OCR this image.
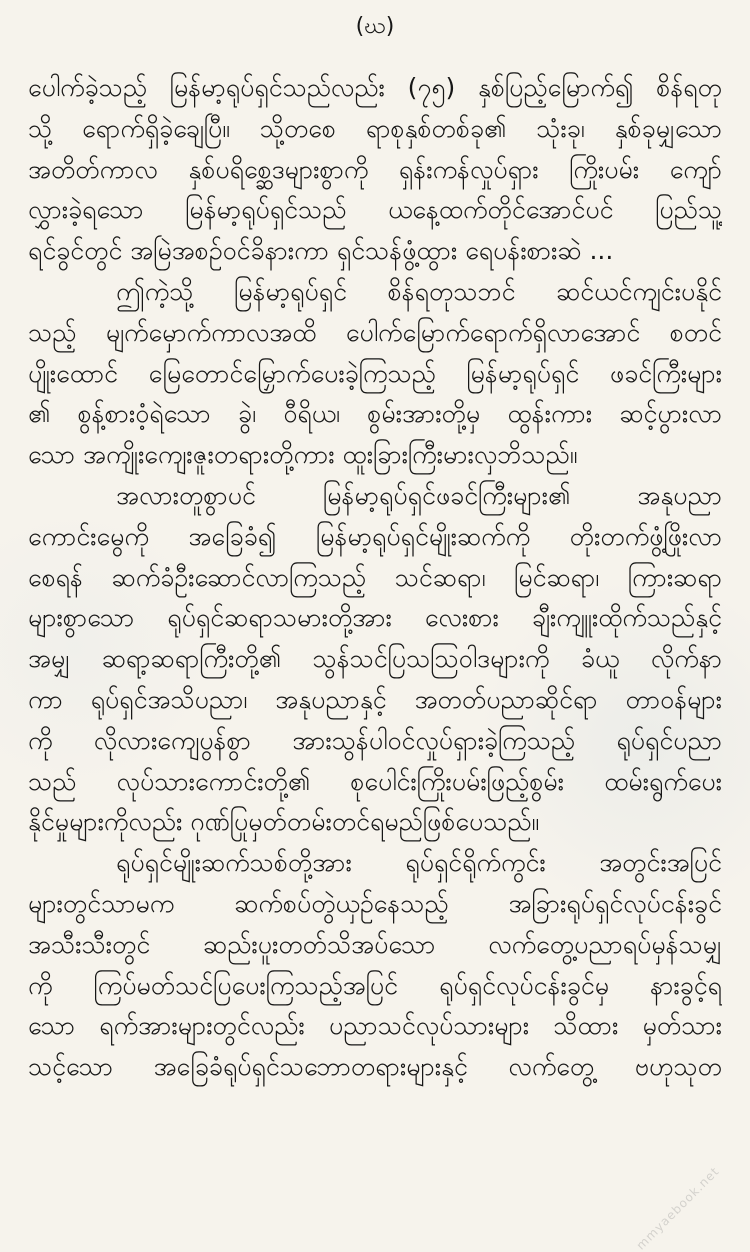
(ဃ)
ပေါက်ခဲ့သည့် မြန်မာ့ရုပ်ရှင်သည်လည်း (၇၅) နှစ်ပြည့်မြောက်၍ စိန်ရတု
သို့ ရောက်ရှိခဲ့ချေပြီ။ သို့တစေ ရာစုနှစ်တစ်ခု၏ သုံးခု၊ နှစ်ခုမျှသော
အတိတ်ကာလ နှစ်ပရိစ္ဆေဒများစွာကို ရှန်းကန်လှုပ်ရှား ကြိုးပမ်း ကျော်
လွှားခဲ့ရသော မြန်မာ့ရုပ်ရှင်သည် ယနေ့ထက်တိုင်အောင်ပင် ပြည်သူ့
ရင်ခွင်တွင် အမြဲအစဉ်ဝင်ခိနားကာ ရှင်သန်ဖွံ့ထွား ရေပန်းစားဆဲ ...
ဤကဲ့သို့ မြန်မာ့ရုပ်ရှင် စိန်ရတုသဘင် ဆင်ယင်ကျင်းပနိုင်
သည့် မျက်မှောက်ကာလအထိ ပေါက်မြောက်ရောက်ရှိလာအောင် စတင်
ပျိုးထောင် မြေတောင်မြှောက်ပေးခဲ့ကြသည့် မြန်မာ့ရုပ်ရှင် ဖခင်ကြီးများ
၏ စွန့်စားဝံ့ရဲသော ခွဲ၊ ဝီရိယ၊ စွမ်းအားတို့မှ ထွန်းကား ဆင့်ပွားလာ
သော အကျိုးကျေးဇူးတရားတို့ကား ထူးခြားကြီးမားလှဘိသည်။
အလားတူစွာပင် မြန်မာ့ရုပ်ရှင်ဖခင်ကြီးများ၏ အနုပညာ
ကောင်းမွေကို အခြေခံ၍ မြန်မာ့ရုပ်ရှင်မျိုးဆက်ကို တိုးတက်ဖွံ့ဖြိုးလာ
စေရန် ဆက်ခံဦးဆောင်လာကြသည့် သင်ဆရာ၊ မြင်ဆရာ၊ ကြားဆရာ
များစွာသော ရုပ်ရှင်ဆရာသမားတို့အား လေးစား ချီးကျူးထိုက်သည်နှင့်
အမျှ ဆရာ့ဆရာကြီးတို့၏ သွန်သင်ပြသသြဝါဒများကို ခံယူ လိုက်နာ
ကာ ရုပ်ရှင်အသိပညာ၊ အနုပညာနှင့် အတတ်ပညာဆိုင်ရာ တာဝန်များ
ကို လိုလားကျေပွန်စွာ အားသွန်ပါဝင်လှုပ်ရှားခဲ့ကြသည့် ရုပ်ရှင်ပညာ
သည် လုပ်သားကောင်းတို့၏ စုပေါင်းကြိုးပမ်းဖြည့်စွမ်း ထမ်းရွက်ပေး
နိုင်မှုများကိုလည်း ဂုဏ်ပြုမှတ်တမ်းတင်ရမည်ဖြစ်ပေသည်။
ရုပ်ရှင်မျိုးဆက်သစ်တို့အား ရုပ်ရှင်ရိုက်ကွင်း အတွင်းအပြင်
များတွင်သာမက ဆက်စပ်တွဲယှဉ်နေသည့် အခြားရုပ်ရှင်လုပ်ငန်းခွင်
အသီးသီးတွင် ဆည်းပူးတတ်သိအပ်သော လက်တွေ့ပညာရပ်မှန်သမျှ
ကို ကြပ်မတ်သင်ပြပေးကြသည့်အပြင် ရုပ်ရှင်လုပ်ငန်းခွင်မှ နားခွင့်ရ
သော ရက်အားများတွင်လည်း ပညာသင်လုပ်သားများ သိထား မှတ်သား
သင့်သော အခြေခံရုပ်ရှင်သဘောတရားများနှင့် လက်တွေ့ ဗဟုသုတ
mmyaebook.net
